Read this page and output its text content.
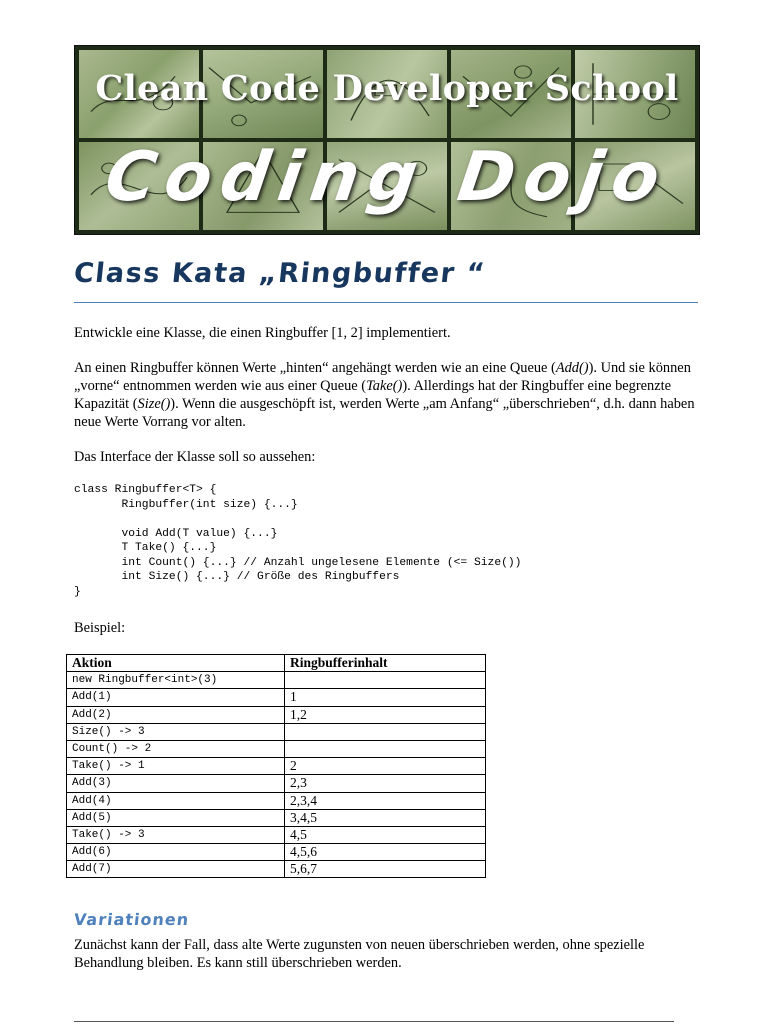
Clean Code Developer School
Coding Dojo
Class Kata „Ringbuffer “
Entwickle eine Klasse, die einen Ringbuffer [1, 2] implementiert.
An einen Ringbuffer können Werte „hinten“ angehängt werden wie an eine Queue (Add()). Und sie können „vorne“ entnommen werden wie aus einer Queue (Take()). Allerdings hat der Ringbuffer eine begrenzte Kapazität (Size()). Wenn die ausgeschöpft ist, werden Werte „am Anfang“ „überschrieben“, d.h. dann haben neue Werte Vorrang vor alten.
Das Interface der Klasse soll so aussehen:
class Ringbuffer<T> {
Ringbuffer(int size) {...}

void Add(T value) {...}
T Take() {...}
int Count() {...} // Anzahl ungelesene Elemente (<= Size())
int Size() {...} // Größe des Ringbuffers
}
Beispiel:
Aktion	Ringbufferinhalt
new Ringbuffer<int>(3)	
Add(1)	1
Add(2)	1,2
Size() -> 3	
Count() -> 2	
Take() -> 1	2
Add(3)	2,3
Add(4)	2,3,4
Add(5)	3,4,5
Take() -> 3	4,5
Add(6)	4,5,6
Add(7)	5,6,7
Variationen
Zunächst kann der Fall, dass alte Werte zugunsten von neuen überschrieben werden, ohne spezielle Behandlung bleiben. Es kann still überschrieben werden.
